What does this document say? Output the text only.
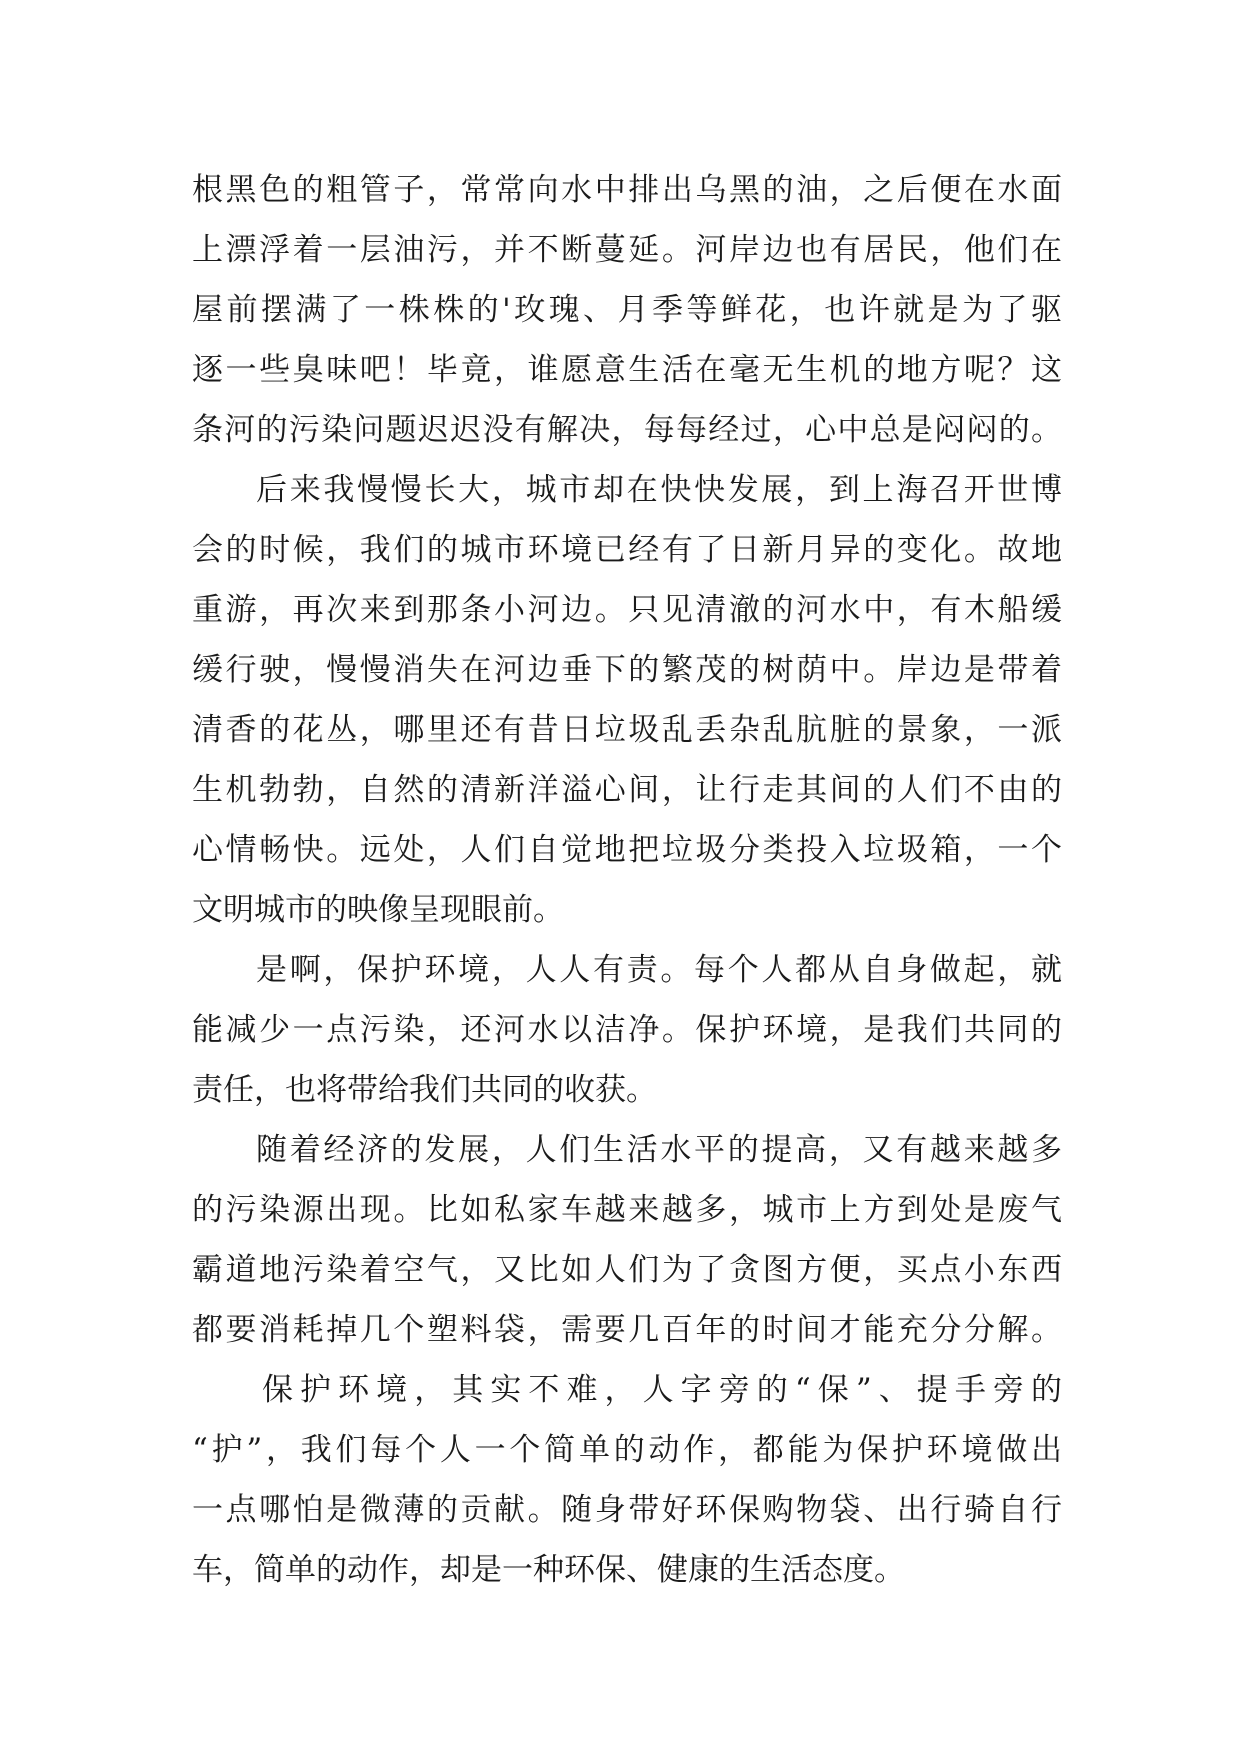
根黑色的粗管子，常常向水中排出乌黑的油，之后便在水面
上漂浮着一层油污，并不断蔓延。河岸边也有居民，他们在
屋前摆满了一株株的'玫瑰、月季等鲜花，也许就是为了驱
逐一些臭味吧！毕竟，谁愿意生活在毫无生机的地方呢？这
条河的污染问题迟迟没有解决，每每经过，心中总是闷闷的。
后来我慢慢长大，城市却在快快发展，到上海召开世博
会的时候，我们的城市环境已经有了日新月异的变化。故地
重游，再次来到那条小河边。只见清澈的河水中，有木船缓
缓行驶，慢慢消失在河边垂下的繁茂的树荫中。岸边是带着
清香的花丛，哪里还有昔日垃圾乱丢杂乱肮脏的景象，一派
生机勃勃，自然的清新洋溢心间，让行走其间的人们不由的
心情畅快。远处，人们自觉地把垃圾分类投入垃圾箱，一个
文明城市的映像呈现眼前。
是啊，保护环境，人人有责。每个人都从自身做起，就
能减少一点污染，还河水以洁净。保护环境，是我们共同的
责任，也将带给我们共同的收获。
随着经济的发展，人们生活水平的提高，又有越来越多
的污染源出现。比如私家车越来越多，城市上方到处是废气
霸道地污染着空气，又比如人们为了贪图方便，买点小东西
都要消耗掉几个塑料袋，需要几百年的时间才能充分分解。
保护环境，其实不难，人字旁的“保”、提手旁的
“护”，我们每个人一个简单的动作，都能为保护环境做出
一点哪怕是微薄的贡献。随身带好环保购物袋、出行骑自行
车，简单的动作，却是一种环保、健康的生活态度。
